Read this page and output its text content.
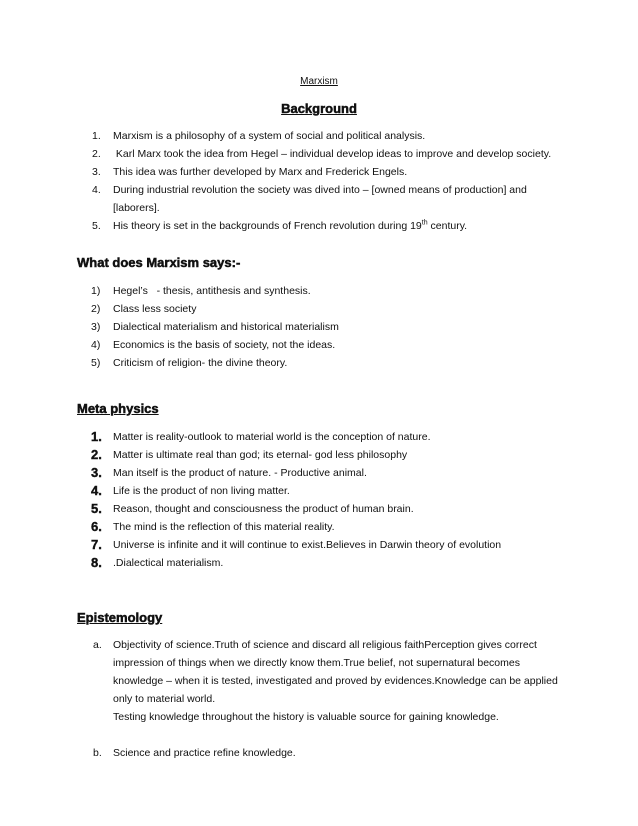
Marxism
Background
1. Marxism is a philosophy of a system of social and political analysis.
2. Karl Marx took the idea from Hegel – individual develop ideas to improve and develop society.
3. This idea was further developed by Marx and Frederick Engels.
4. During industrial revolution the society was dived into – [owned means of production] and [laborers].
5. His theory is set in the backgrounds of French revolution during 19th century.
What does Marxism says:-
1) Hegel’s   - thesis, antithesis and synthesis.
2) Class less society
3) Dialectical materialism and historical materialism
4) Economics is the basis of society, not the ideas.
5) Criticism of religion- the divine theory.
Meta physics
1. Matter is reality-outlook to material world is the conception of nature.
2. Matter is ultimate real than god; its eternal- god less philosophy
3. Man itself is the product of nature. - Productive animal.
4. Life is the product of non living matter.
5. Reason, thought and consciousness the product of human brain.
6. The mind is the reflection of this material reality.
7. Universe is infinite and it will continue to exist.Believes in Darwin theory of evolution
8. .Dialectical materialism.
Epistemology
a. Objectivity of science.Truth of science and discard all religious faithPerception gives correct
impression of things when we directly know them.True belief, not supernatural becomes
knowledge – when it is tested, investigated and proved by evidences.Knowledge can be applied
only to material world.
Testing knowledge throughout the history is valuable source for gaining knowledge.
b. Science and practice refine knowledge.
